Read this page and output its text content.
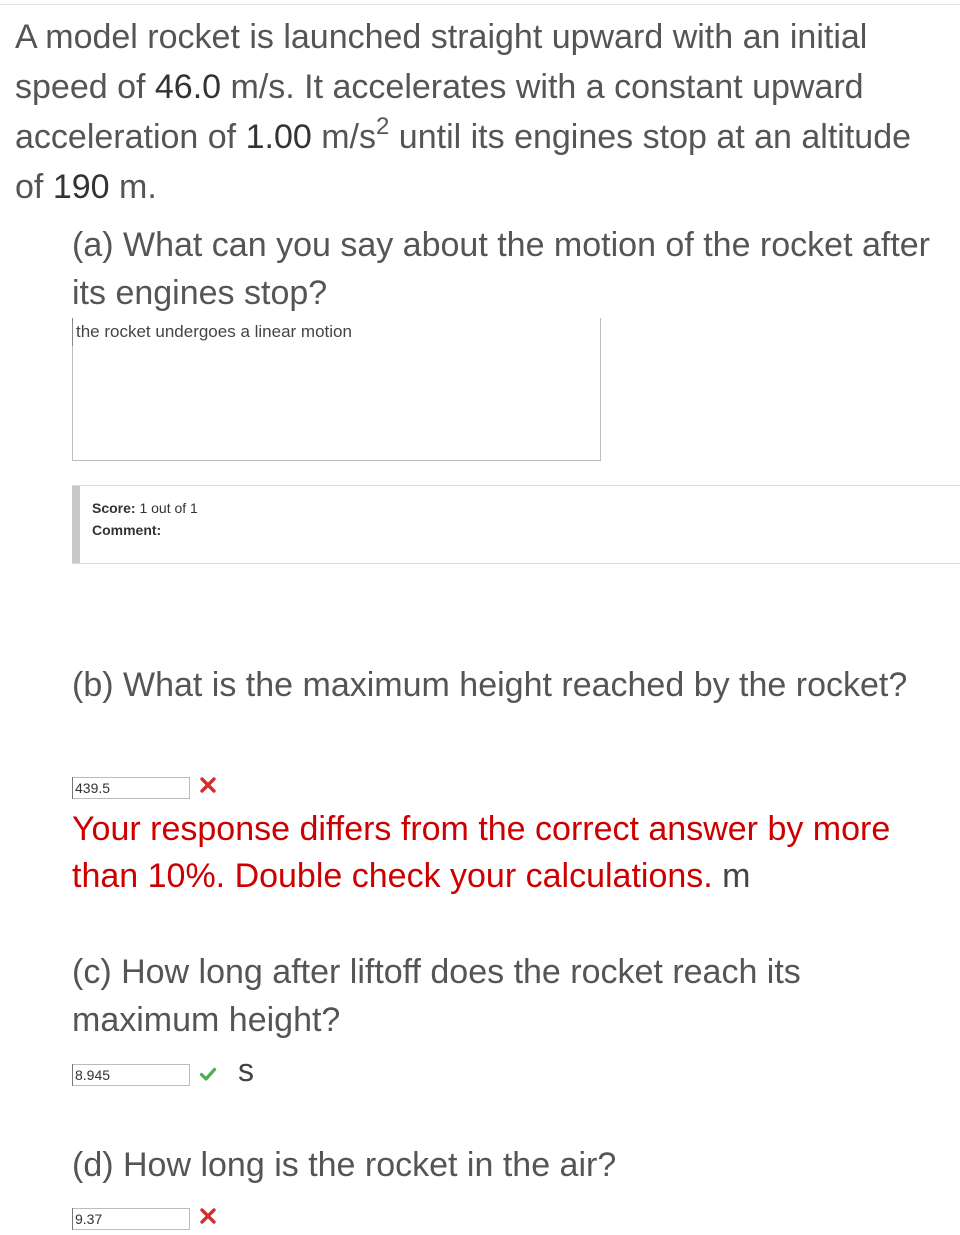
A model rocket is launched straight upward with an initial speed of 46.0 m/s. It accelerates with a constant upward acceleration of 1.00 $m/s^2$ until its engines stop at an altitude of 190 m.
(a) What can you say about the motion of the rocket after its engines stop?
the rocket undergoes a linear motion
Score: 1 out of 1
Comment:
(b) What is the maximum height reached by the rocket?
439.5
Your response differs from the correct answer by more than 10%. Double check your calculations. m
(c) How long after liftoff does the rocket reach its maximum height?
8.945	s
(d) How long is the rocket in the air?
9.37
